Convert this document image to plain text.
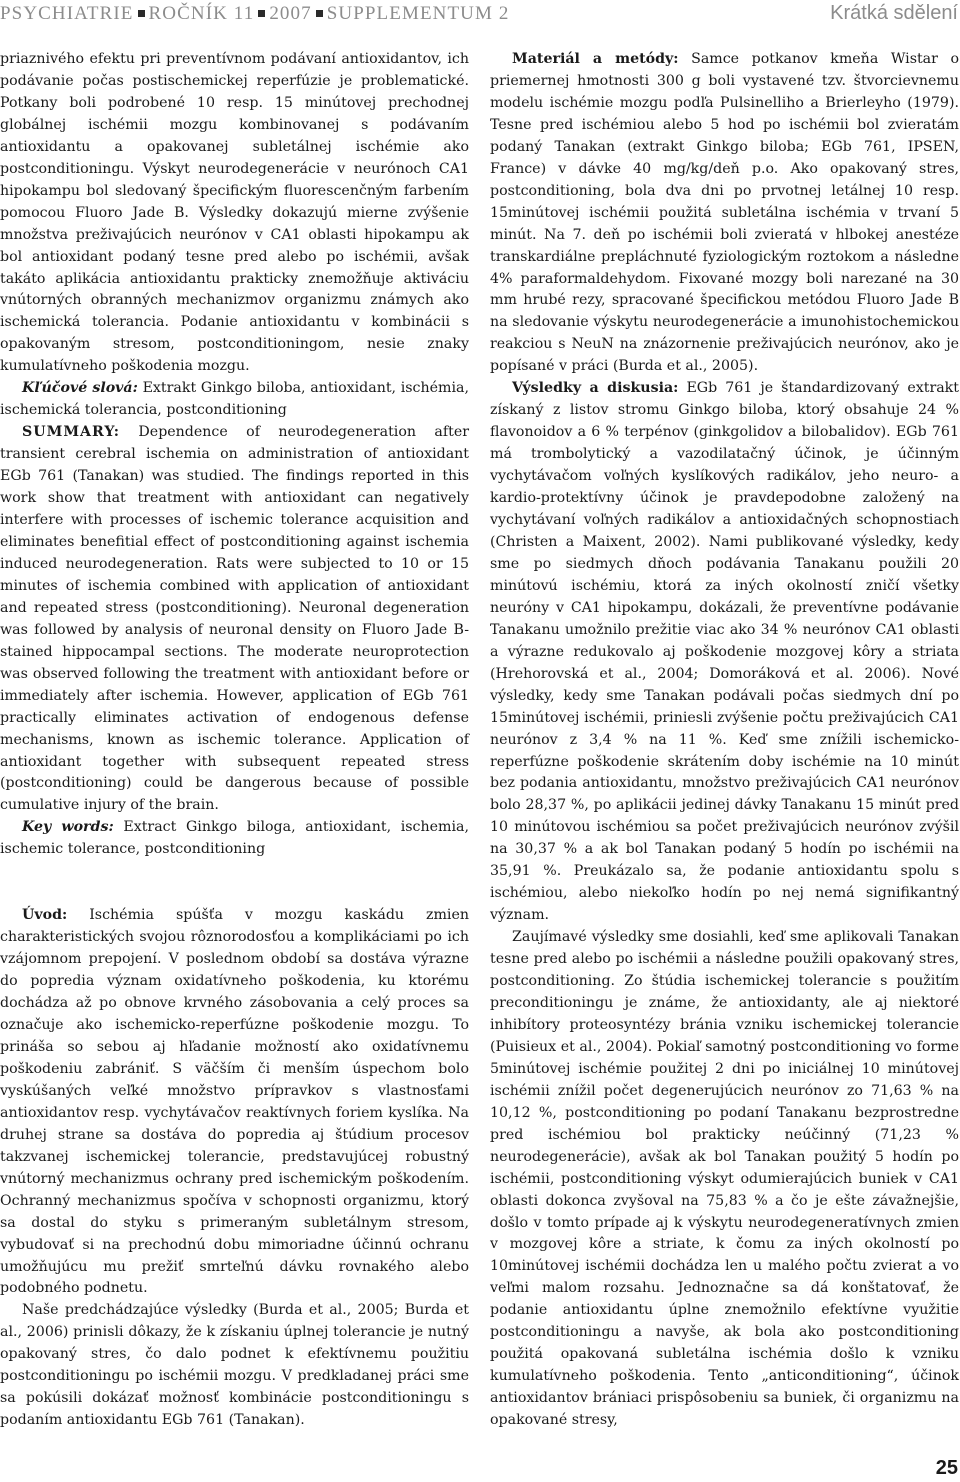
PSYCHIATRIE ROČNÍK 11 2007 SUPPLEMENTUM 2	Krátká sdělení

priaznivého efektu pri preventívnom podávaní antioxidantov, ich podávanie počas postischemickej reperfúzie je problematické. Potkany boli podrobené 10 resp. 15 minútovej prechodnej globálnej ischémii mozgu kombinovanej s podávaním antioxidantu a opakovanej subletálnej ischémie ako postconditioningu. Výskyt neurodegenerácie v neurónoch CA1 hipokampu bol sledovaný špecifickým fluorescenčným farbením pomocou Fluoro Jade B. Výsledky dokazujú mierne zvýšenie množstva preživajúcich neurónov v CA1 oblasti hipokampu ak bol antioxidant podaný tesne pred alebo po ischémii, avšak takáto aplikácia antioxidantu prakticky znemožňuje aktiváciu vnútorných obranných mechanizmov organizmu známych ako ischemická tolerancia. Podanie antioxidantu v kombinácii s opakovaným stresom, postconditioningom, nesie znaky kumulatívneho poškodenia mozgu.

Kľúčové slová: Extrakt Ginkgo biloba, antioxidant, ischémia, ischemická tolerancia, postconditioning

SUMMARY: Dependence of neurodegeneration after transient cerebral ischemia on administration of antioxidant EGb 761 (Tanakan) was studied. The findings reported in this work show that treatment with antioxidant can negatively interfere with processes of ischemic tolerance acquisition and eliminates benefitial effect of postconditioning against ischemia induced neurodegeneration. Rats were subjected to 10 or 15 minutes of ischemia combined with application of antioxidant and repeated stress (postconditioning). Neuronal degeneration was followed by analysis of neuronal density on Fluoro Jade B-stained hippocampal sections. The moderate neuroprotection was observed following the treatment with antioxidant before or immediately after ischemia. However, application of EGb 761 practically eliminates activation of endogenous defense mechanisms, known as ischemic tolerance. Application of antioxidant together with subsequent repeated stress (postconditioning) could be dangerous because of possible cumulative injury of the brain.

Key words: Extract Ginkgo biloga, antioxidant, ischemia, ischemic tolerance, postconditioning

Úvod: Ischémia spúšťa v mozgu kaskádu zmien charakteristických svojou rôznorodosťou a komplikáciami po ich vzájomnom prepojení. V poslednom období sa dostáva výrazne do popredia význam oxidatívneho poškodenia, ku ktorému dochádza až po obnove krvného zásobovania a celý proces sa označuje ako ischemicko-reperfúzne poškodenie mozgu. To prináša so sebou aj hľadanie možností ako oxidatívnemu poškodeniu zabrániť. S väčším či menším úspechom bolo vyskúšaných veľké množstvo prípravkov s vlastnosťami antioxidantov resp. vychytávačov reaktívnych foriem kyslíka. Na druhej strane sa dostáva do popredia aj štúdium procesov takzvanej ischemickej tolerancie, predstavujúcej robustný vnútorný mechanizmus ochrany pred ischemickým poškodením. Ochranný mechanizmus spočíva v schopnosti organizmu, ktorý sa dostal do styku s primeraným subletálnym stresom, vybudovať si na prechodnú dobu mimoriadne účinnú ochranu umožňujúcu mu prežiť smrteľnú dávku rovnakého alebo podobného podnetu.

Naše predchádzajúce výsledky (Burda et al., 2005; Burda et al., 2006) prinisli dôkazy, že k získaniu úplnej tolerancie je nutný opakovaný stres, čo dalo podnet k efektívnemu použitiu postconditioningu po ischémii mozgu. V predkladanej práci sme sa pokúsili dokázať možnosť kombinácie postconditioningu s podaním antioxidantu EGb 761 (Tanakan).

Materiál a metódy: Samce potkanov kmeňa Wistar o priemernej hmotnosti 300 g boli vystavené tzv. štvorcievnemu modelu ischémie mozgu podľa Pulsinelliho a Brierleyho (1979). Tesne pred ischémiou alebo 5 hod po ischémii bol zvieratám podaný Tanakan (extrakt Ginkgo biloba; EGb 761, IPSEN, France) v dávke 40 mg/kg/deň p.o. Ako opakovaný stres, postconditioning, bola dva dni po prvotnej letálnej 10 resp. 15minútovej ischémii použitá subletálna ischémia v trvaní 5 minút. Na 7. deň po ischémii boli zvieratá v hlbokej anestéze transkardiálne prepláchnuté fyziologickým roztokom a následne 4% paraformaldehydom. Fixované mozgy boli narezané na 30 mm hrubé rezy, spracované špecifickou metódou Fluoro Jade B na sledovanie výskytu neurodegenerácie a imunohistochemickou reakciou s NeuN na znázornenie preživajúcich neurónov, ako je popísané v práci (Burda et al., 2005).

Výsledky a diskusia: EGb 761 je štandardizovaný extrakt získaný z listov stromu Ginkgo biloba, ktorý obsahuje 24 % flavonoidov a 6 % terpénov (ginkgolidov a bilobalidov). EGb 761 má trombolytický a vazodilatačný účinok, je účinným vychytávačom voľných kyslíkových radikálov, jeho neuro- a kardio-protektívny účinok je pravdepodobne založený na vychytávaní voľných radikálov a antioxidačných schopnostiach (Christen a Maixent, 2002). Nami publikované výsledky, kedy sme po siedmych dňoch podávania Tanakanu použili 20 minútovú ischémiu, ktorá za iných okolností zničí všetky neuróny v CA1 hipokampu, dokázali, že preventívne podávanie Tanakanu umožnilo prežitie viac ako 34 % neurónov CA1 oblasti a výrazne redukovalo aj poškodenie mozgovej kôry a striata (Hrehorovská et al., 2004; Domoráková et al. 2006). Nové výsledky, kedy sme Tanakan podávali počas siedmych dní po 15minútovej ischémii, priniesli zvýšenie počtu preživajúcich CA1 neurónov z 3,4 % na 11 %. Keď sme znížili ischemicko-reperfúzne poškodenie skrátením doby ischémie na 10 minút bez podania antioxidantu, množstvo preživajúcich CA1 neurónov bolo 28,37 %, po aplikácii jedinej dávky Tanakanu 15 minút pred 10 minútovou ischémiou sa počet preživajúcich neurónov zvýšil na 30,37 % a ak bol Tanakan podaný 5 hodín po ischémii na 35,91 %. Preukázalo sa, že podanie antioxidantu spolu s ischémiou, alebo niekoľko hodín po nej nemá signifikantný význam.

Zaujímavé výsledky sme dosiahli, keď sme aplikovali Tanakan tesne pred alebo po ischémii a následne použili opakovaný stres, postconditioning. Zo štúdia ischemickej tolerancie s použitím preconditioningu je známe, že antioxidanty, ale aj niektoré inhibítory proteosyntézy bránia vzniku ischemickej tolerancie (Puisieux et al., 2004). Pokiaľ samotný postconditioning vo forme 5minútovej ischémie použitej 2 dni po iniciálnej 10 minútovej ischémii znížil počet degenerujúcich neurónov zo 71,63 % na 10,12 %, postconditioning po podaní Tanakanu bezprostredne pred ischémiou bol prakticky neúčinný (71,23 % neurodegenerácie), avšak ak bol Tanakan použitý 5 hodín po ischémii, postconditioning výskyt odumierajúcich buniek v CA1 oblasti dokonca zvyšoval na 75,83 % a čo je ešte závažnejšie, došlo v tomto prípade aj k výskytu neurodegeneratívnych zmien v mozgovej kôre a striate, k čomu za iných okolností po 10minútovej ischémii dochádza len u malého počtu zvierat a vo veľmi malom rozsahu. Jednoznačne sa dá konštatovať, že podanie antioxidantu úplne znemožnilo efektívne využitie postconditioningu a navyše, ak bola ako postconditioning použitá opakovaná subletálna ischémia došlo k vzniku kumulatívneho poškodenia. Tento „anticonditioning“, účinok antioxidantov brániaci prispôsobeniu sa buniek, či organizmu na opakované stresy,

25
